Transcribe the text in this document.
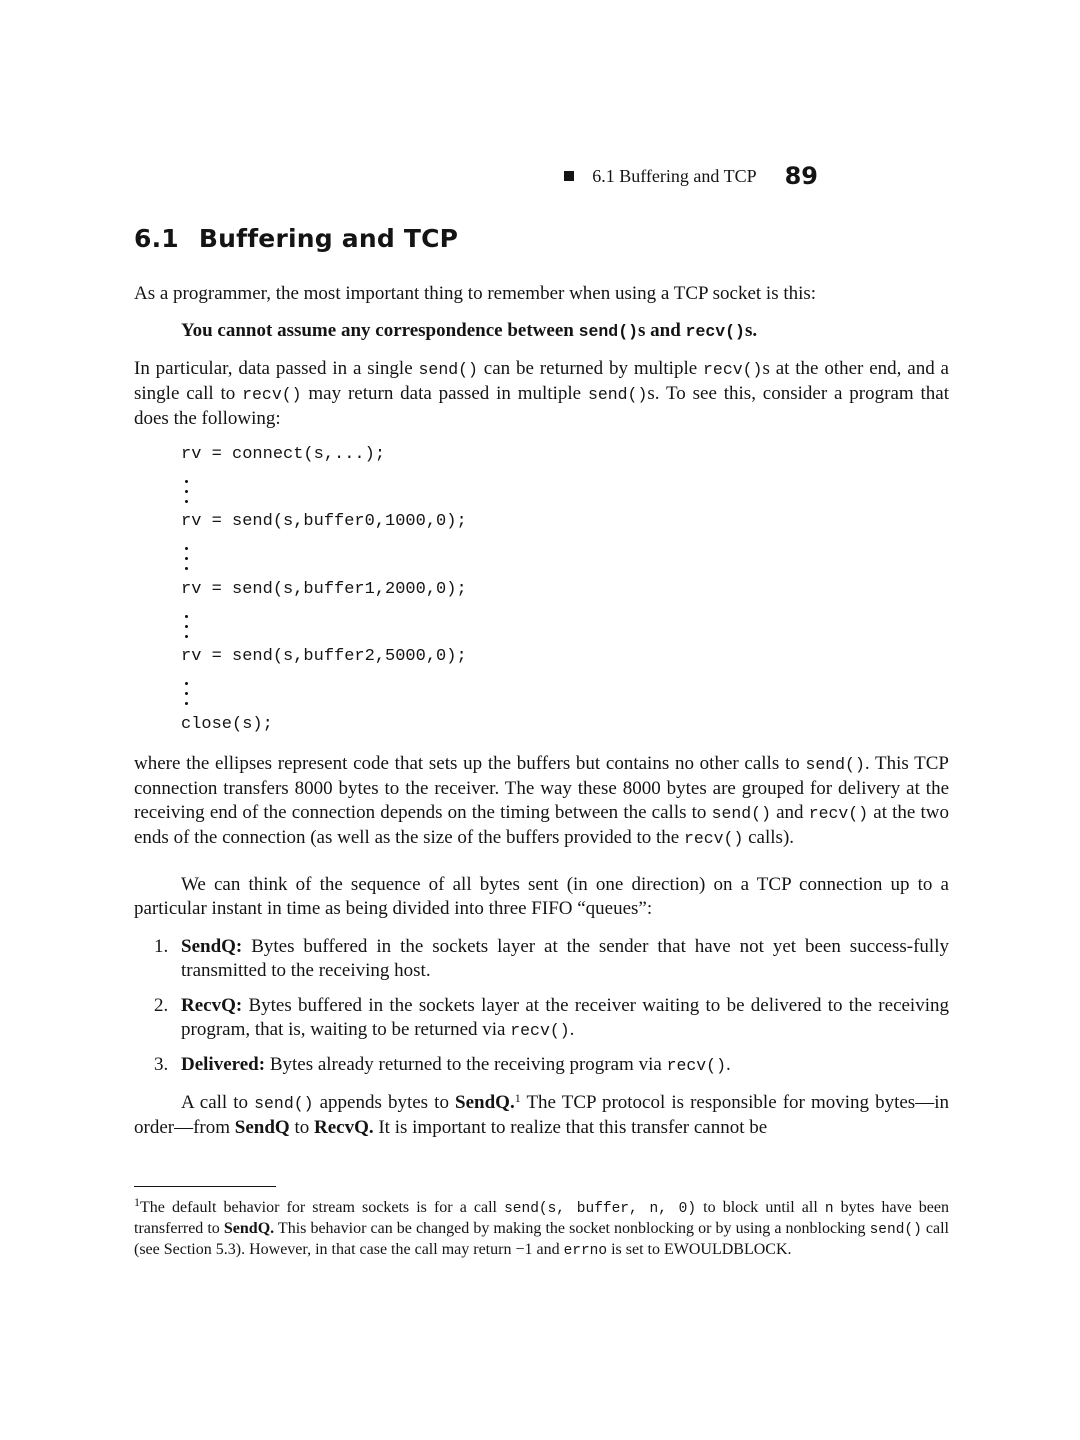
6.1 Buffering and TCP 89
6.1 Buffering and TCP

As a programmer, the most important thing to remember when using a TCP socket is this:

You cannot assume any correspondence between send()s and recv()s.

In particular, data passed in a single send() can be returned by multiple recv()s at the other end, and a single call to recv() may return data passed in multiple send()s. To see this, consider a program that does the following:

rv = connect(s,...);
rv = send(s,buffer0,1000,0);
rv = send(s,buffer1,2000,0);
rv = send(s,buffer2,5000,0);
close(s);

where the ellipses represent code that sets up the buffers but contains no other calls to send(). This TCP connection transfers 8000 bytes to the receiver. The way these 8000 bytes are grouped for delivery at the receiving end of the connection depends on the timing between the calls to send() and recv() at the two ends of the connection (as well as the size of the buffers provided to the recv() calls).

We can think of the sequence of all bytes sent (in one direction) on a TCP connection up to a particular instant in time as being divided into three FIFO “queues”:

1. SendQ: Bytes buffered in the sockets layer at the sender that have not yet been success-fully transmitted to the receiving host.

2. RecvQ: Bytes buffered in the sockets layer at the receiver waiting to be delivered to the receiving program, that is, waiting to be returned via recv().

3. Delivered: Bytes already returned to the receiving program via recv().

A call to send() appends bytes to SendQ.$^1$ The TCP protocol is responsible for moving bytes—in order—from SendQ to RecvQ. It is important to realize that this transfer cannot be

$^1$The default behavior for stream sockets is for a call send(s, buffer, n, 0) to block until all n bytes have been transferred to SendQ. This behavior can be changed by making the socket nonblocking or by using a nonblocking send() call (see Section 5.3). However, in that case the call may return −1 and errno is set to EWOULDBLOCK.
